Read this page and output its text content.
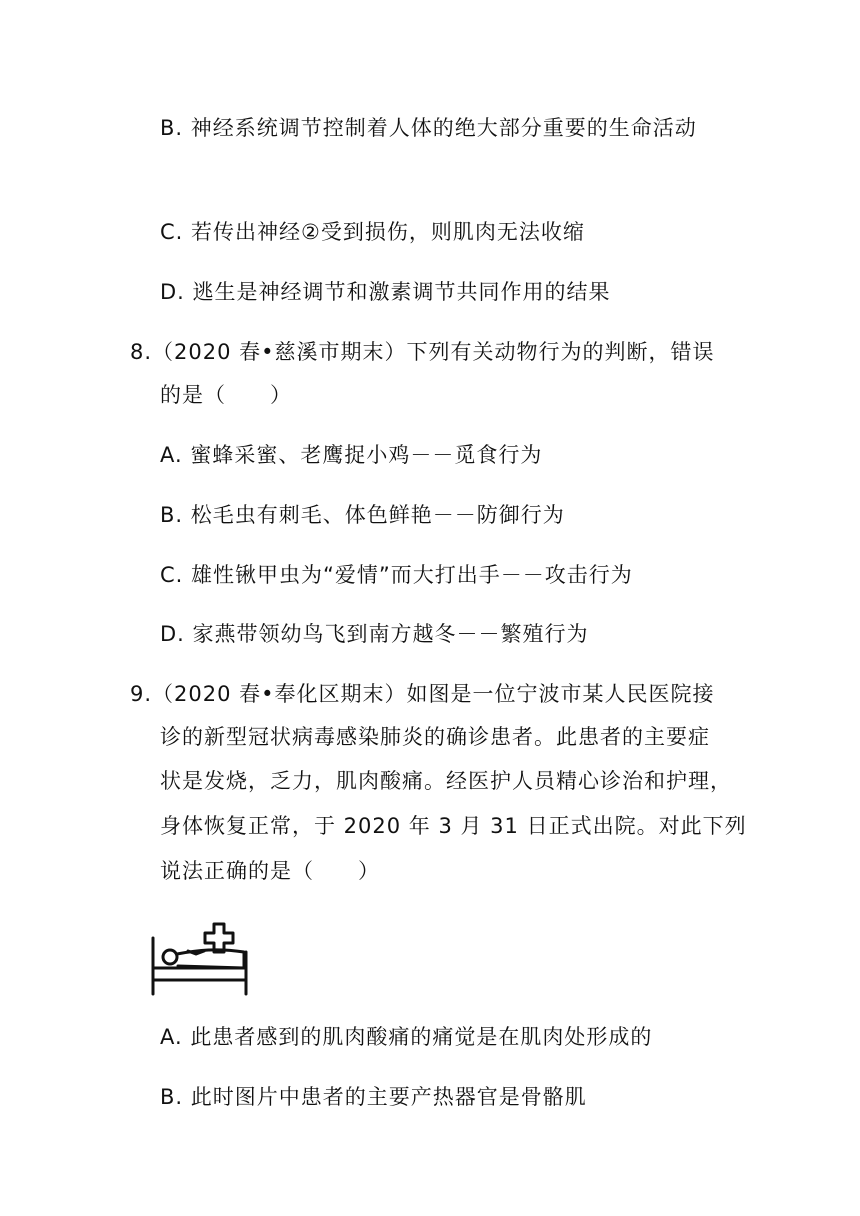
B. 神经系统调节控制着人体的绝大部分重要的生命活动
C. 若传出神经②受到损伤，则肌肉无法收缩
D. 逃生是神经调节和激素调节共同作用的结果
8.（2020 春•慈溪市期末）下列有关动物行为的判断，错误
的是（　　）
A. 蜜蜂采蜜、老鹰捉小鸡－－觅食行为
B. 松毛虫有刺毛、体色鲜艳－－防御行为
C. 雄性锹甲虫为“爱情”而大打出手－－攻击行为
D. 家燕带领幼鸟飞到南方越冬－－繁殖行为
9.（2020 春•奉化区期末）如图是一位宁波市某人民医院接
诊的新型冠状病毒感染肺炎的确诊患者。此患者的主要症
状是发烧，乏力，肌肉酸痛。经医护人员精心诊治和护理，
身体恢复正常，于 2020 年 3 月 31 日正式出院。对此下列
说法正确的是（　　）
A. 此患者感到的肌肉酸痛的痛觉是在肌肉处形成的
B. 此时图片中患者的主要产热器官是骨骼肌
